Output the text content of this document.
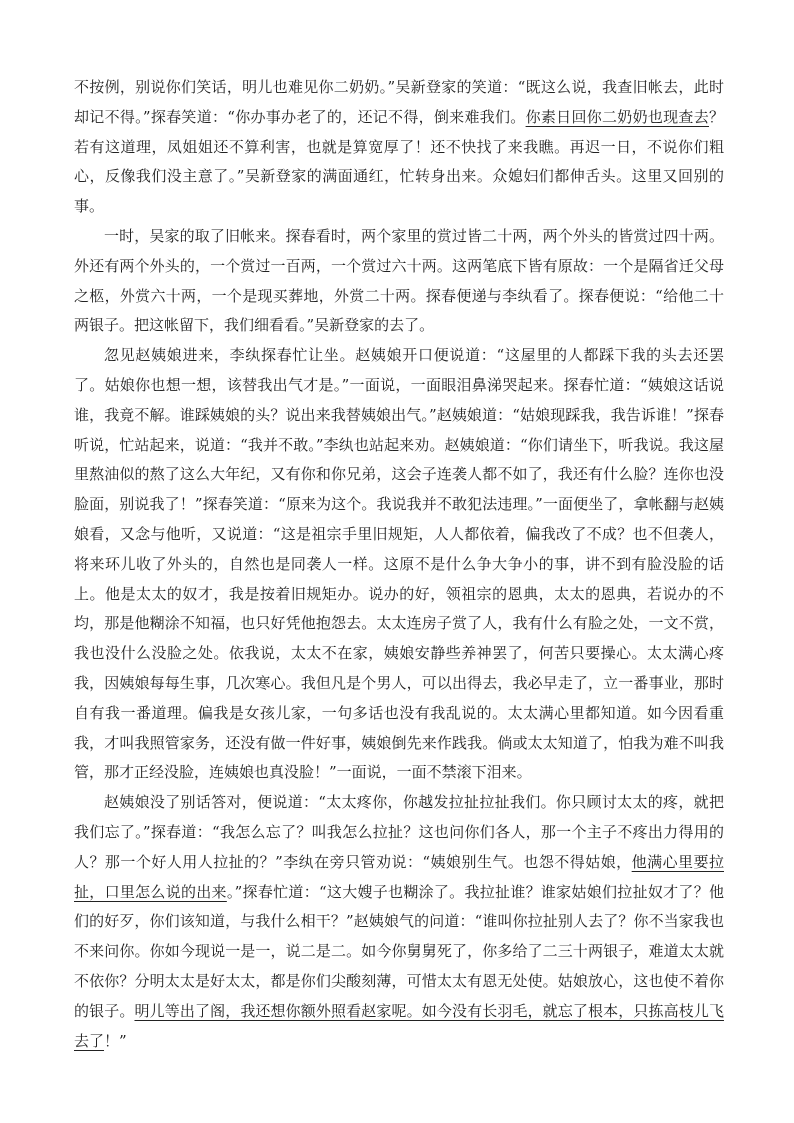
不按例，别说你们笑话，明儿也难见你二奶奶。”吴新登家的笑道：“既这么说，我查旧帐去，此时却记不得。”探春笑道：“你办事办老了的，还记不得，倒来难我们。你素日回你二奶奶也现查去？若有这道理，凤姐姐还不算利害，也就是算宽厚了！还不快找了来我瞧。再迟一日，不说你们粗心，反像我们没主意了。”吴新登家的满面通红，忙转身出来。众媳妇们都伸舌头。这里又回别的事。

一时，吴家的取了旧帐来。探春看时，两个家里的赏过皆二十两，两个外头的皆赏过四十两。外还有两个外头的，一个赏过一百两，一个赏过六十两。这两笔底下皆有原故：一个是隔省迁父母之柩，外赏六十两，一个是现买葬地，外赏二十两。探春便递与李纨看了。探春便说：“给他二十两银子。把这帐留下，我们细看看。”吴新登家的去了。

忽见赵姨娘进来，李纨探春忙让坐。赵姨娘开口便说道：“这屋里的人都踩下我的头去还罢了。姑娘你也想一想，该替我出气才是。”一面说，一面眼泪鼻涕哭起来。探春忙道：“姨娘这话说谁，我竟不解。谁踩姨娘的头？说出来我替姨娘出气。”赵姨娘道：“姑娘现踩我，我告诉谁！”探春听说，忙站起来，说道：“我并不敢。”李纨也站起来劝。赵姨娘道：“你们请坐下，听我说。我这屋里熬油似的熬了这么大年纪，又有你和你兄弟，这会子连袭人都不如了，我还有什么脸？连你也没脸面，别说我了！”探春笑道：“原来为这个。我说我并不敢犯法违理。”一面便坐了，拿帐翻与赵姨娘看，又念与他听，又说道：“这是祖宗手里旧规矩，人人都依着，偏我改了不成？也不但袭人，将来环儿收了外头的，自然也是同袭人一样。这原不是什么争大争小的事，讲不到有脸没脸的话上。他是太太的奴才，我是按着旧规矩办。说办的好，领祖宗的恩典，太太的恩典，若说办的不均，那是他糊涂不知福，也只好凭他抱怨去。太太连房子赏了人，我有什么有脸之处，一文不赏，我也没什么没脸之处。依我说，太太不在家，姨娘安静些养神罢了，何苦只要操心。太太满心疼我，因姨娘每每生事，几次寒心。我但凡是个男人，可以出得去，我必早走了，立一番事业，那时自有我一番道理。偏我是女孩儿家，一句多话也没有我乱说的。太太满心里都知道。如今因看重我，才叫我照管家务，还没有做一件好事，姨娘倒先来作践我。倘或太太知道了，怕我为难不叫我管，那才正经没脸，连姨娘也真没脸！”一面说，一面不禁滚下泪来。

赵姨娘没了别话答对，便说道：“太太疼你，你越发拉扯拉扯我们。你只顾讨太太的疼，就把我们忘了。”探春道：“我怎么忘了？叫我怎么拉扯？这也问你们各人，那一个主子不疼出力得用的人？那一个好人用人拉扯的？”李纨在旁只管劝说：“姨娘别生气。也怨不得姑娘，他满心里要拉扯，口里怎么说的出来。”探春忙道：“这大嫂子也糊涂了。我拉扯谁？谁家姑娘们拉扯奴才了？他们的好歹，你们该知道，与我什么相干？”赵姨娘气的问道：“谁叫你拉扯别人去了？你不当家我也不来问你。你如今现说一是一，说二是二。如今你舅舅死了，你多给了二三十两银子，难道太太就不依你？分明太太是好太太，都是你们尖酸刻薄，可惜太太有恩无处使。姑娘放心，这也使不着你的银子。明儿等出了阁，我还想你额外照看赵家呢。如今没有长羽毛，就忘了根本，只拣高枝儿飞去了！”
